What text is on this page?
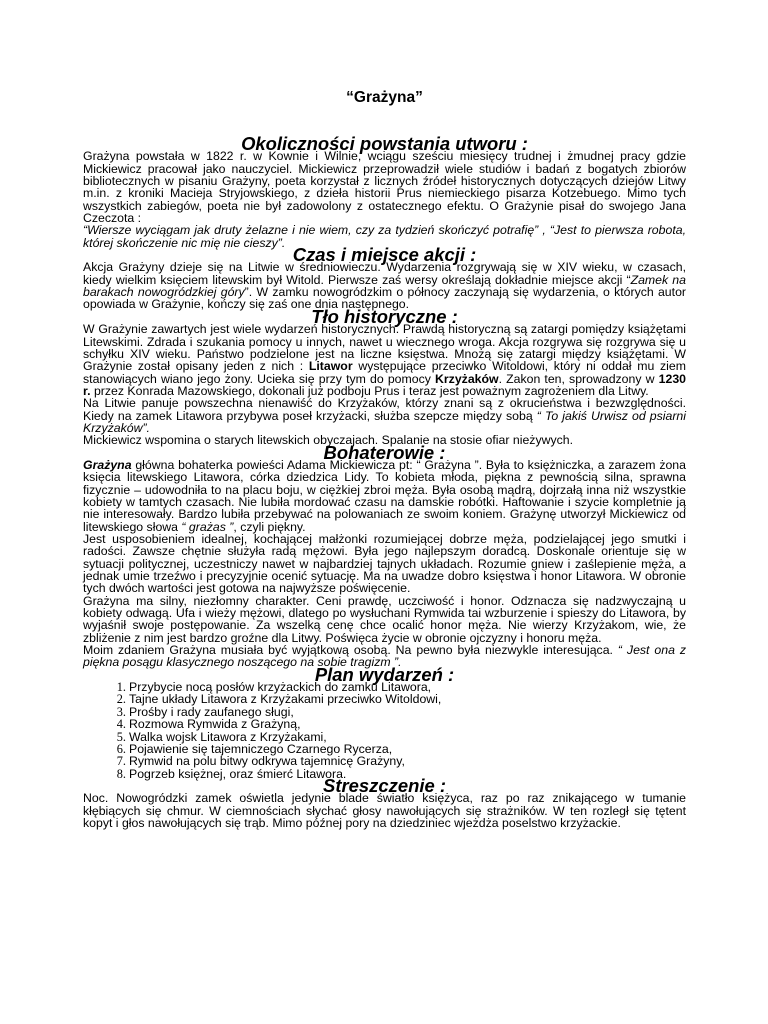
“Grażyna”
Okoliczności powstania utworu :

Grażyna powstała w 1822 r. w Kownie i Wilnie, wciągu sześciu miesięcy trudnej i żmudnej pracy gdzie Mickiewicz pracował jako nauczyciel. Mickiewicz przeprowadził wiele studiów i badań z bogatych zbiorów bibliotecznych w pisaniu Grażyny, poeta korzystał z licznych źródeł historycznych dotyczących dziejów Litwy m.in. z kroniki Macieja Stryjowskiego, z dzieła historii Prus niemieckiego pisarza Kotzebuego. Mimo tych wszystkich zabiegów, poeta nie był zadowolony z ostatecznego efektu. O Grażynie pisał do swojego Jana Czeczota :

“Wiersze wyciągam jak druty żelazne i nie wiem, czy za tydzień skończyć potrafię” , “Jest to pierwsza robota, której skończenie nic mię nie cieszy”.

Czas i miejsce akcji :

Akcja Grażyny dzieje się na Litwie w średniowieczu. Wydarzenia rozgrywają się w XIV wieku, w czasach, kiedy wielkim księciem litewskim był Witold. Pierwsze zaś wersy określają dokładnie miejsce akcji “Zamek na barakach nowogródzkiej góry”. W zamku nowogródzkim o północy zaczynają się wydarzenia, o których autor opowiada w Grażynie, kończy się zaś one dnia następnego.

Tło historyczne :

W Grażynie zawartych jest wiele wydarzeń historycznych. Prawdą historyczną są zatargi pomiędzy książętami Litewskimi. Zdrada i szukania pomocy u innych, nawet u wiecznego wroga. Akcja rozgrywa się rozgrywa się u schyłku XIV wieku. Państwo podzielone jest na liczne księstwa. Mnożą się zatargi między książętami. W Grażynie został opisany jeden z nich : Litawor występujące przeciwko Witoldowi, który ni oddał mu ziem stanowiących wiano jego żony. Ucieka się przy tym do pomocy Krzyżaków. Zakon ten, sprowadzony w 1230 r. przez Konrada Mazowskiego, dokonali już podboju Prus i teraz jest poważnym zagrożeniem dla Litwy.

Na Litwie panuje powszechna nienawiść do Krzyżaków, którzy znani są z okrucieństwa i bezwzględności. Kiedy na zamek Litawora przybywa poseł krzyżacki, służba szepcze między sobą “ To jakiś Urwisz od psiarni Krzyżaków”.

Mickiewicz wspomina o starych litewskich obyczajach. Spalanie na stosie ofiar nieżywych.

Bohaterowie :

Grażyna główna bohaterka powieści Adama Mickiewicza pt: “ Grażyna ”. Była to księżniczka, a zarazem żona księcia litewskiego Litawora, córka dziedzica Lidy. To kobieta młoda, piękna z pewnością silna, sprawna fizycznie – udowodniła to na placu boju, w ciężkiej zbroi męża. Była osobą mądrą, dojrzałą inna niż wszystkie kobiety w tamtych czasach. Nie lubiła mordować czasu na damskie robótki. Haftowanie i szycie kompletnie ją nie interesowały. Bardzo lubiła przebywać na polowaniach ze swoim koniem. Grażynę utworzył Mickiewicz od litewskiego słowa “ grażas ”, czyli piękny.

Jest usposobieniem idealnej, kochającej małżonki rozumiejącej dobrze męża, podzielającej jego smutki i radości. Zawsze chętnie służyła radą mężowi. Była jego najlepszym doradcą. Doskonale orientuje się w sytuacji politycznej, uczestniczy nawet w najbardziej tajnych układach. Rozumie gniew i zaślepienie męża, a jednak umie trzeźwo i precyzyjnie ocenić sytuację. Ma na uwadze dobro księstwa i honor Litawora. W obronie tych dwóch wartości jest gotowa na najwyższe poświęcenie.

Grażyna ma silny, niezłomny charakter. Ceni prawdę, uczciwość i honor. Odznacza się nadzwyczajną u kobiety odwagą. Ufa i wieży mężowi, dlatego po wysłuchani Rymwida tai wzburzenie i spieszy do Litawora, by wyjaśnił swoje postępowanie. Za wszelką cenę chce ocalić honor męża. Nie wierzy Krzyżakom, wie, że zbliżenie z nim jest bardzo groźne dla Litwy. Poświęca życie w obronie ojczyzny i honoru męża.

Moim zdaniem Grażyna musiała być wyjątkową osobą. Na pewno była niezwykle interesująca. “ Jest ona z piękna posągu klasycznego noszącego na sobie tragizm ”.

Plan wydarzeń :
1. Przybycie nocą posłów krzyżackich do zamku Litawora,
2. Tajne układy Litawora z Krzyżakami przeciwko Witoldowi,
3. Prośby i rady zaufanego sługi,
4. Rozmowa Rymwida z Grażyną,
5. Walka wojsk Litawora z Krzyżakami,
6. Pojawienie się tajemniczego Czarnego Rycerza,
7. Rymwid na polu bitwy odkrywa tajemnicę Grażyny,
8. Pogrzeb księżnej, oraz śmierć Litawora.
Streszczenie :

Noc. Nowogródzki zamek oświetla jedynie blade światło księżyca, raz po raz znikającego w tumanie kłębiących się chmur. W ciemnościach słychać głosy nawołujących się strażników. W ten rozległ się tętent kopyt i głos nawołujących się trąb. Mimo późnej pory na dziedziniec wjeżdża poselstwo krzyżackie.
